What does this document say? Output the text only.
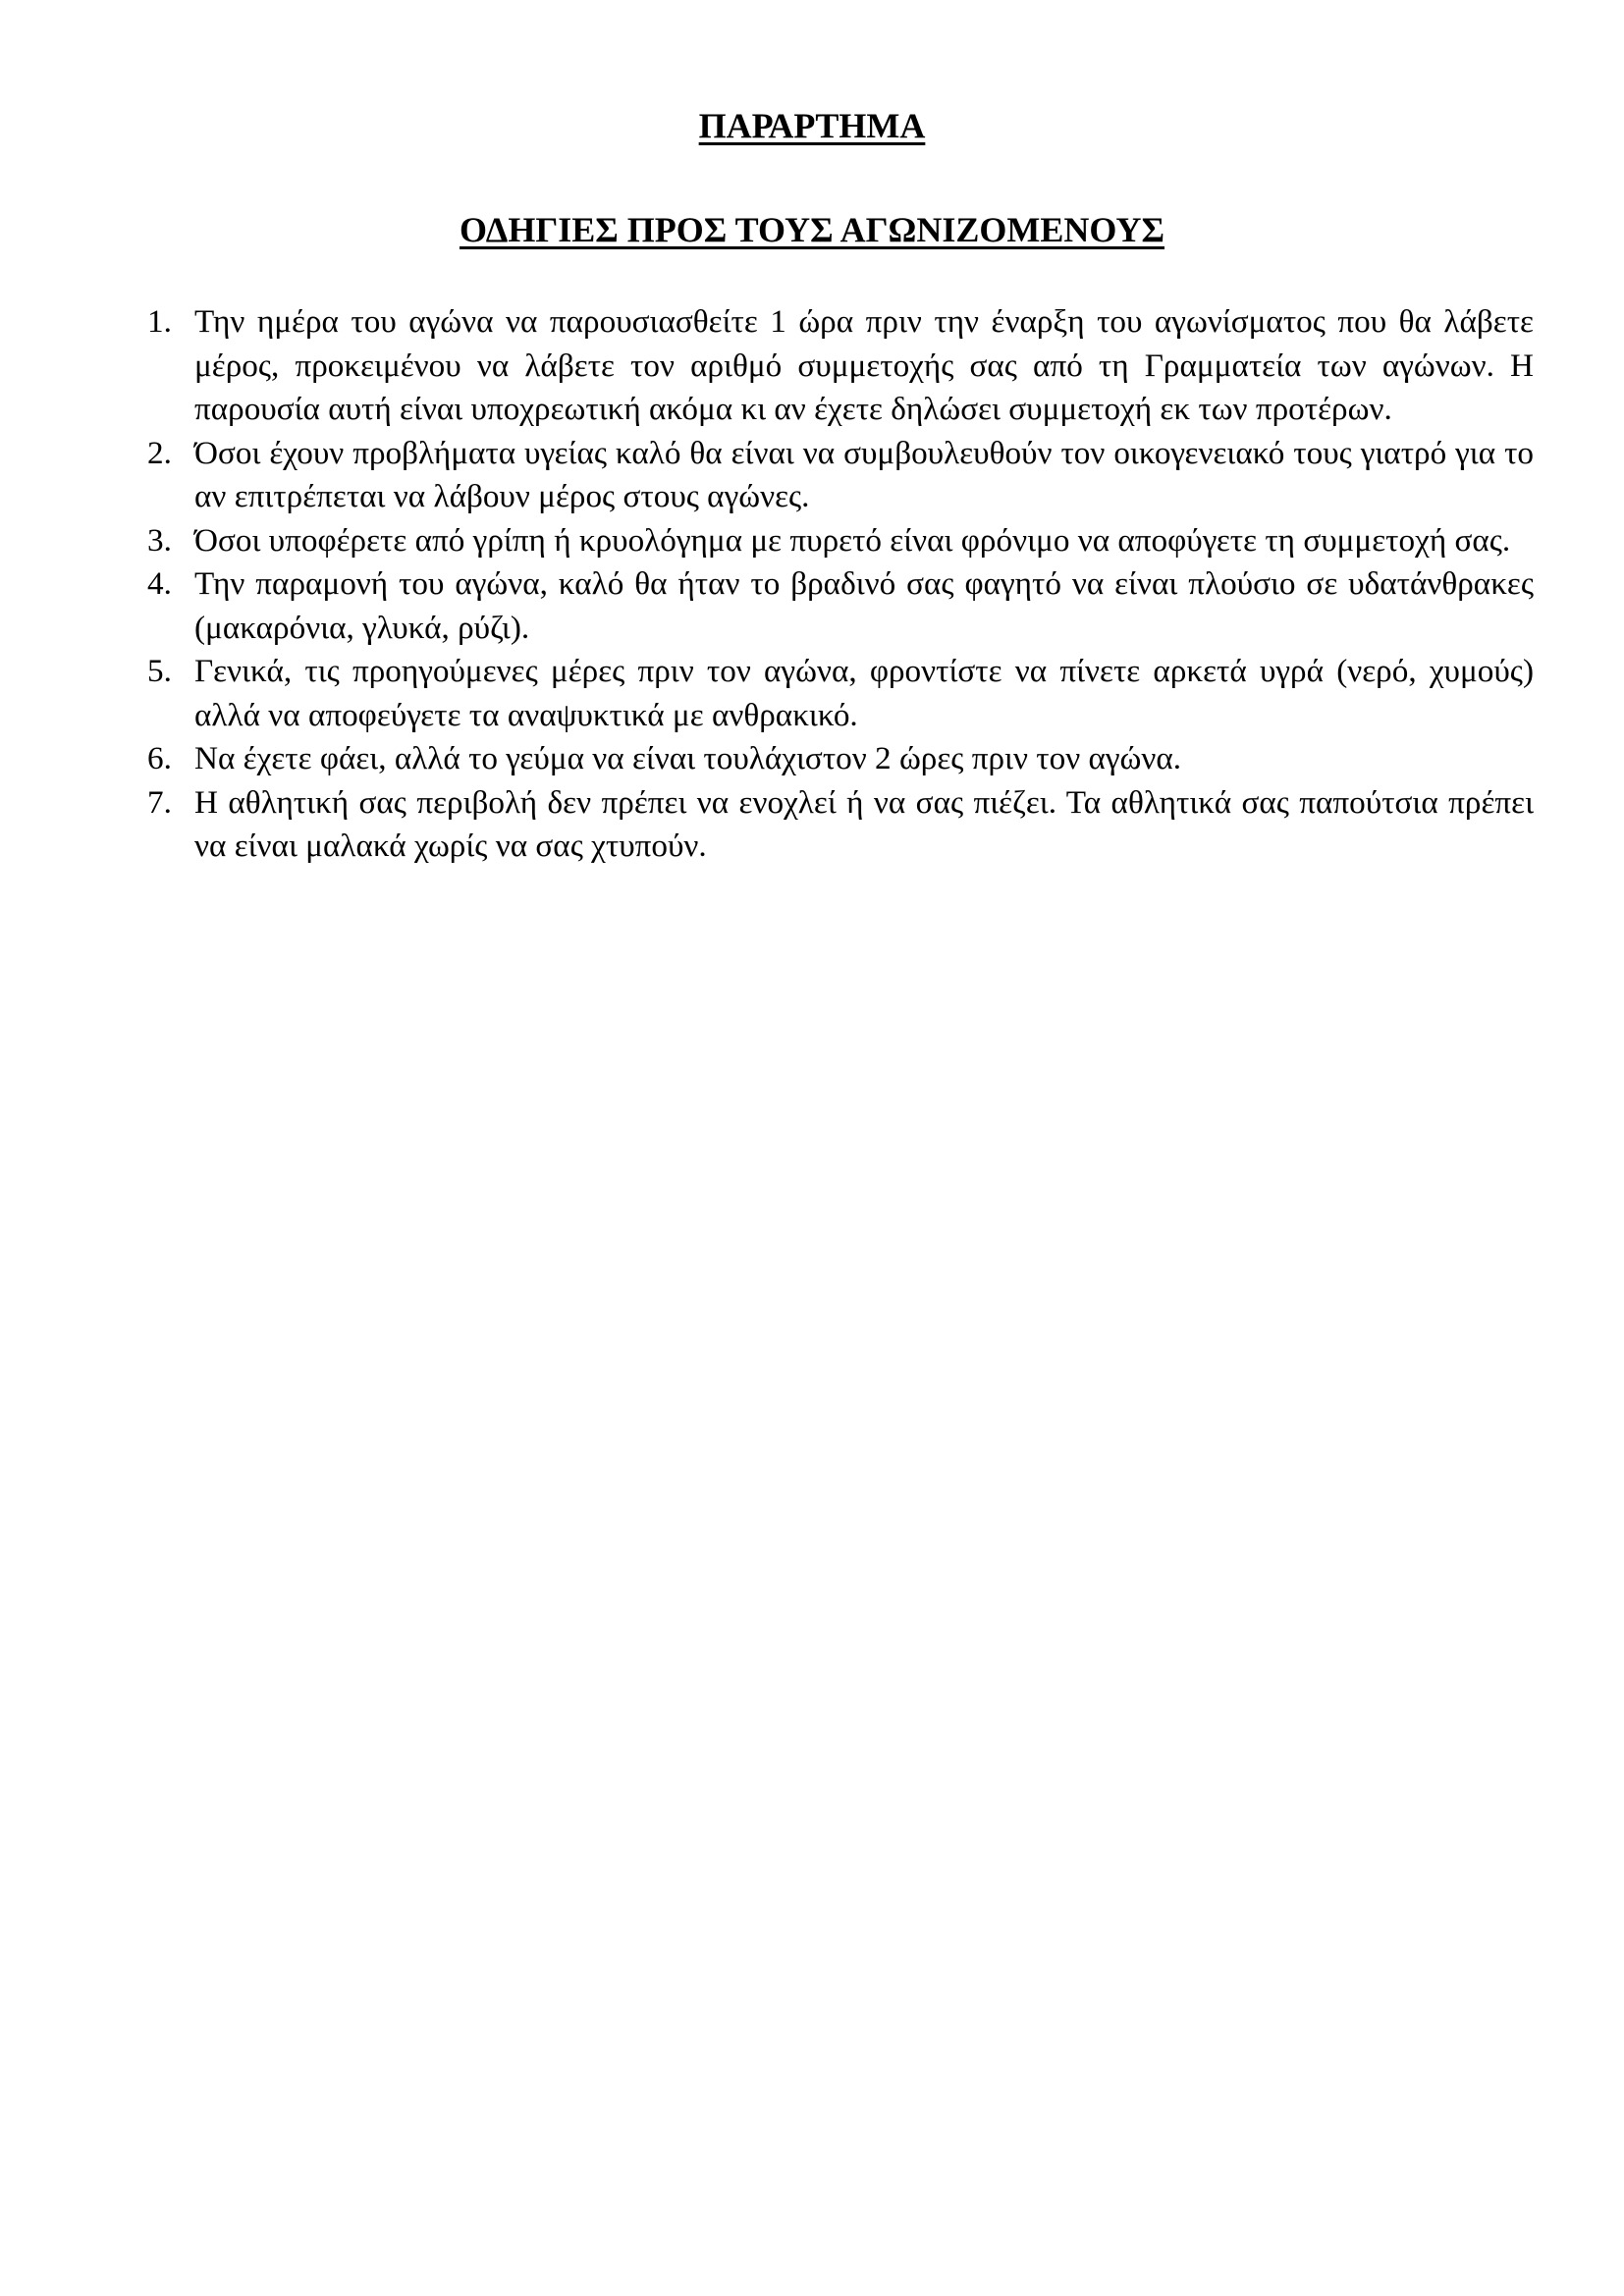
ΠΑΡΑΡΤΗΜΑ
ΟΔΗΓΙΕΣ ΠΡΟΣ ΤΟΥΣ ΑΓΩΝΙΖΟΜΕΝΟΥΣ
1. Την ημέρα του αγώνα να παρουσιασθείτε 1 ώρα πριν την έναρξη του αγωνίσματος που θα λάβετε μέρος, προκειμένου να λάβετε τον αριθμό συμμετοχής σας από τη Γραμματεία των αγώνων. Η παρουσία αυτή είναι υποχρεωτική ακόμα κι αν έχετε δηλώσει συμμετοχή εκ των προτέρων.
2. Όσοι έχουν προβλήματα υγείας καλό θα είναι να συμβουλευθούν τον οικογενειακό τους γιατρό για το αν επιτρέπεται να λάβουν μέρος στους αγώνες.
3. Όσοι υποφέρετε από γρίπη ή κρυολόγημα με πυρετό είναι φρόνιμο να αποφύγετε τη συμμετοχή σας.
4. Την παραμονή του αγώνα, καλό θα ήταν το βραδινό σας φαγητό να είναι πλούσιο σε υδατάνθρακες (μακαρόνια, γλυκά, ρύζι).
5. Γενικά, τις προηγούμενες μέρες πριν τον αγώνα, φροντίστε να πίνετε αρκετά υγρά (νερό, χυμούς) αλλά να αποφεύγετε τα αναψυκτικά με ανθρακικό.
6. Να έχετε φάει, αλλά το γεύμα να είναι τουλάχιστον 2 ώρες πριν τον αγώνα.
7. Η αθλητική σας περιβολή δεν πρέπει να ενοχλεί ή να σας πιέζει. Τα αθλητικά σας παπούτσια πρέπει να είναι μαλακά χωρίς να σας χτυπούν.
